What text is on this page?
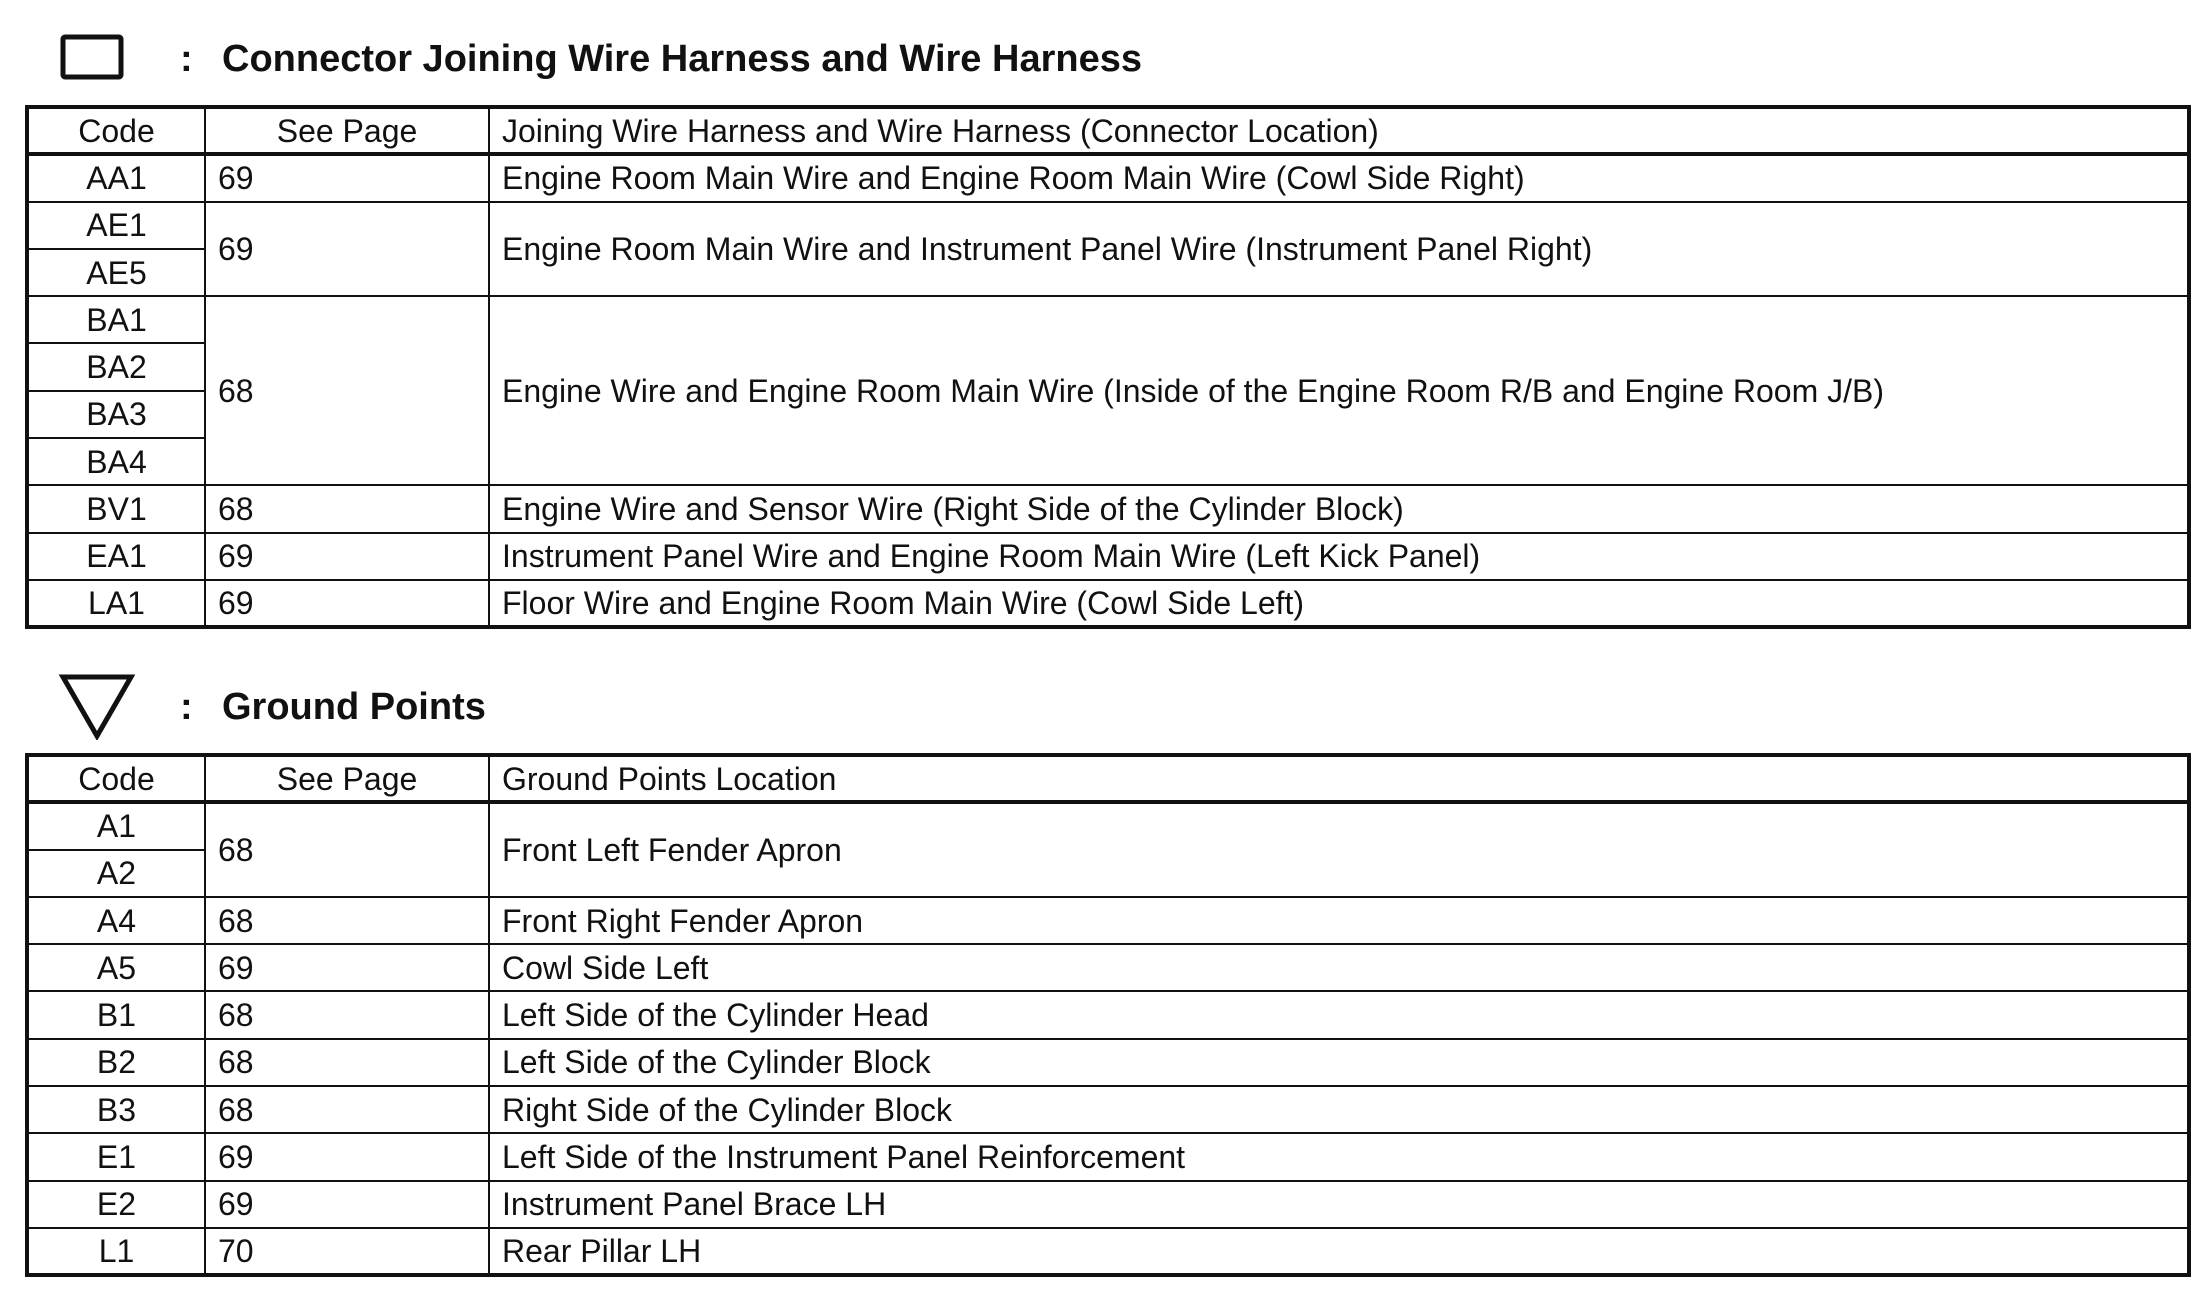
: Connector Joining Wire Harness and Wire Harness
Code	See Page	Joining Wire Harness and Wire Harness (Connector Location)
AA1	69	Engine Room Main Wire and Engine Room Main Wire (Cowl Side Right)
AE1	69	Engine Room Main Wire and Instrument Panel Wire (Instrument Panel Right)
AE5		
BA1	68	Engine Wire and Engine Room Main Wire (Inside of the Engine Room R/B and Engine Room J/B)
BA2		
BA3		
BA4		
BV1	68	Engine Wire and Sensor Wire (Right Side of the Cylinder Block)
EA1	69	Instrument Panel Wire and Engine Room Main Wire (Left Kick Panel)
LA1	69	Floor Wire and Engine Room Main Wire (Cowl Side Left)
: Ground Points
Code	See Page	Ground Points Location
A1	68	Front Left Fender Apron
A2		
A4	68	Front Right Fender Apron
A5	69	Cowl Side Left
B1	68	Left Side of the Cylinder Head
B2	68	Left Side of the Cylinder Block
B3	68	Right Side of the Cylinder Block
E1	69	Left Side of the Instrument Panel Reinforcement
E2	69	Instrument Panel Brace LH
L1	70	Rear Pillar LH
